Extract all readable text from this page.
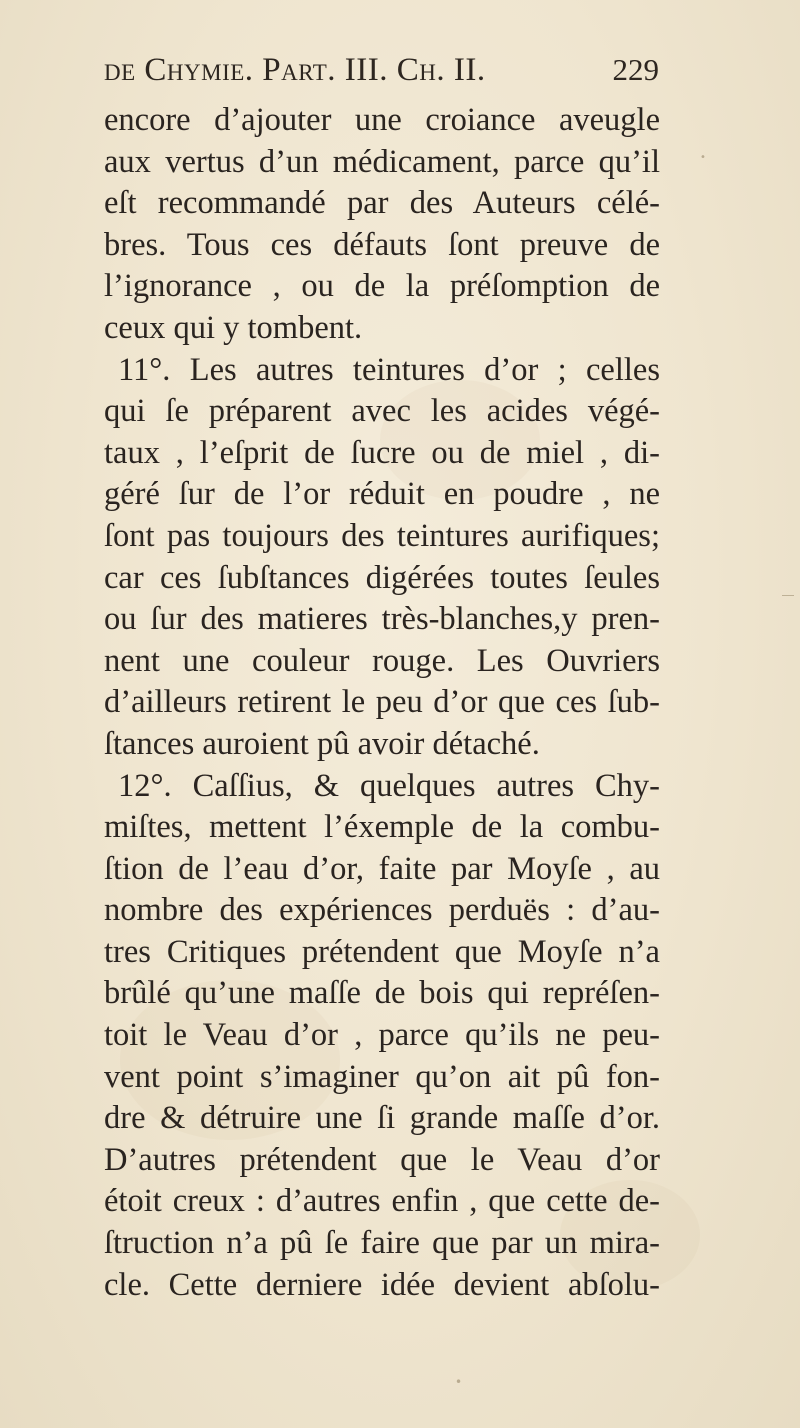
de Chymie. Part. III. Ch. II.	229
encore d’ajouter une croiance aveugle
aux vertus d’un médicament, parce qu’il
eſt recommandé par des Auteurs célé-
bres. Tous ces défauts ſont preuve de
l’ignorance , ou de la préſomption de
ceux qui y tombent.
11°. Les autres teintures d’or ; celles
qui ſe préparent avec les acides végé-
taux , l’eſprit de ſucre ou de miel , di-
géré ſur de l’or réduit en poudre , ne
ſont pas toujours des teintures aurifiques;
car ces ſubſtances digérées toutes ſeules
ou ſur des matieres très-blanches,y pren-
nent une couleur rouge. Les Ouvriers
d’ailleurs retirent le peu d’or que ces ſub-
ſtances auroient pû avoir détaché.
12°. Caſſius, & quelques autres Chy-
miſtes, mettent l’éxemple de la combu-
ſtion de l’eau d’or, faite par Moyſe , au
nombre des expériences perduës : d’au-
tres Critiques prétendent que Moyſe n’a
brûlé qu’une maſſe de bois qui repréſen-
toit le Veau d’or , parce qu’ils ne peu-
vent point s’imaginer qu’on ait pû fon-
dre & détruire une ſi grande maſſe d’or.
D’autres prétendent que le Veau d’or
étoit creux : d’autres enfin , que cette de-
ſtruction n’a pû ſe faire que par un mira-
cle. Cette derniere idée devient abſolu-
―
•
•
